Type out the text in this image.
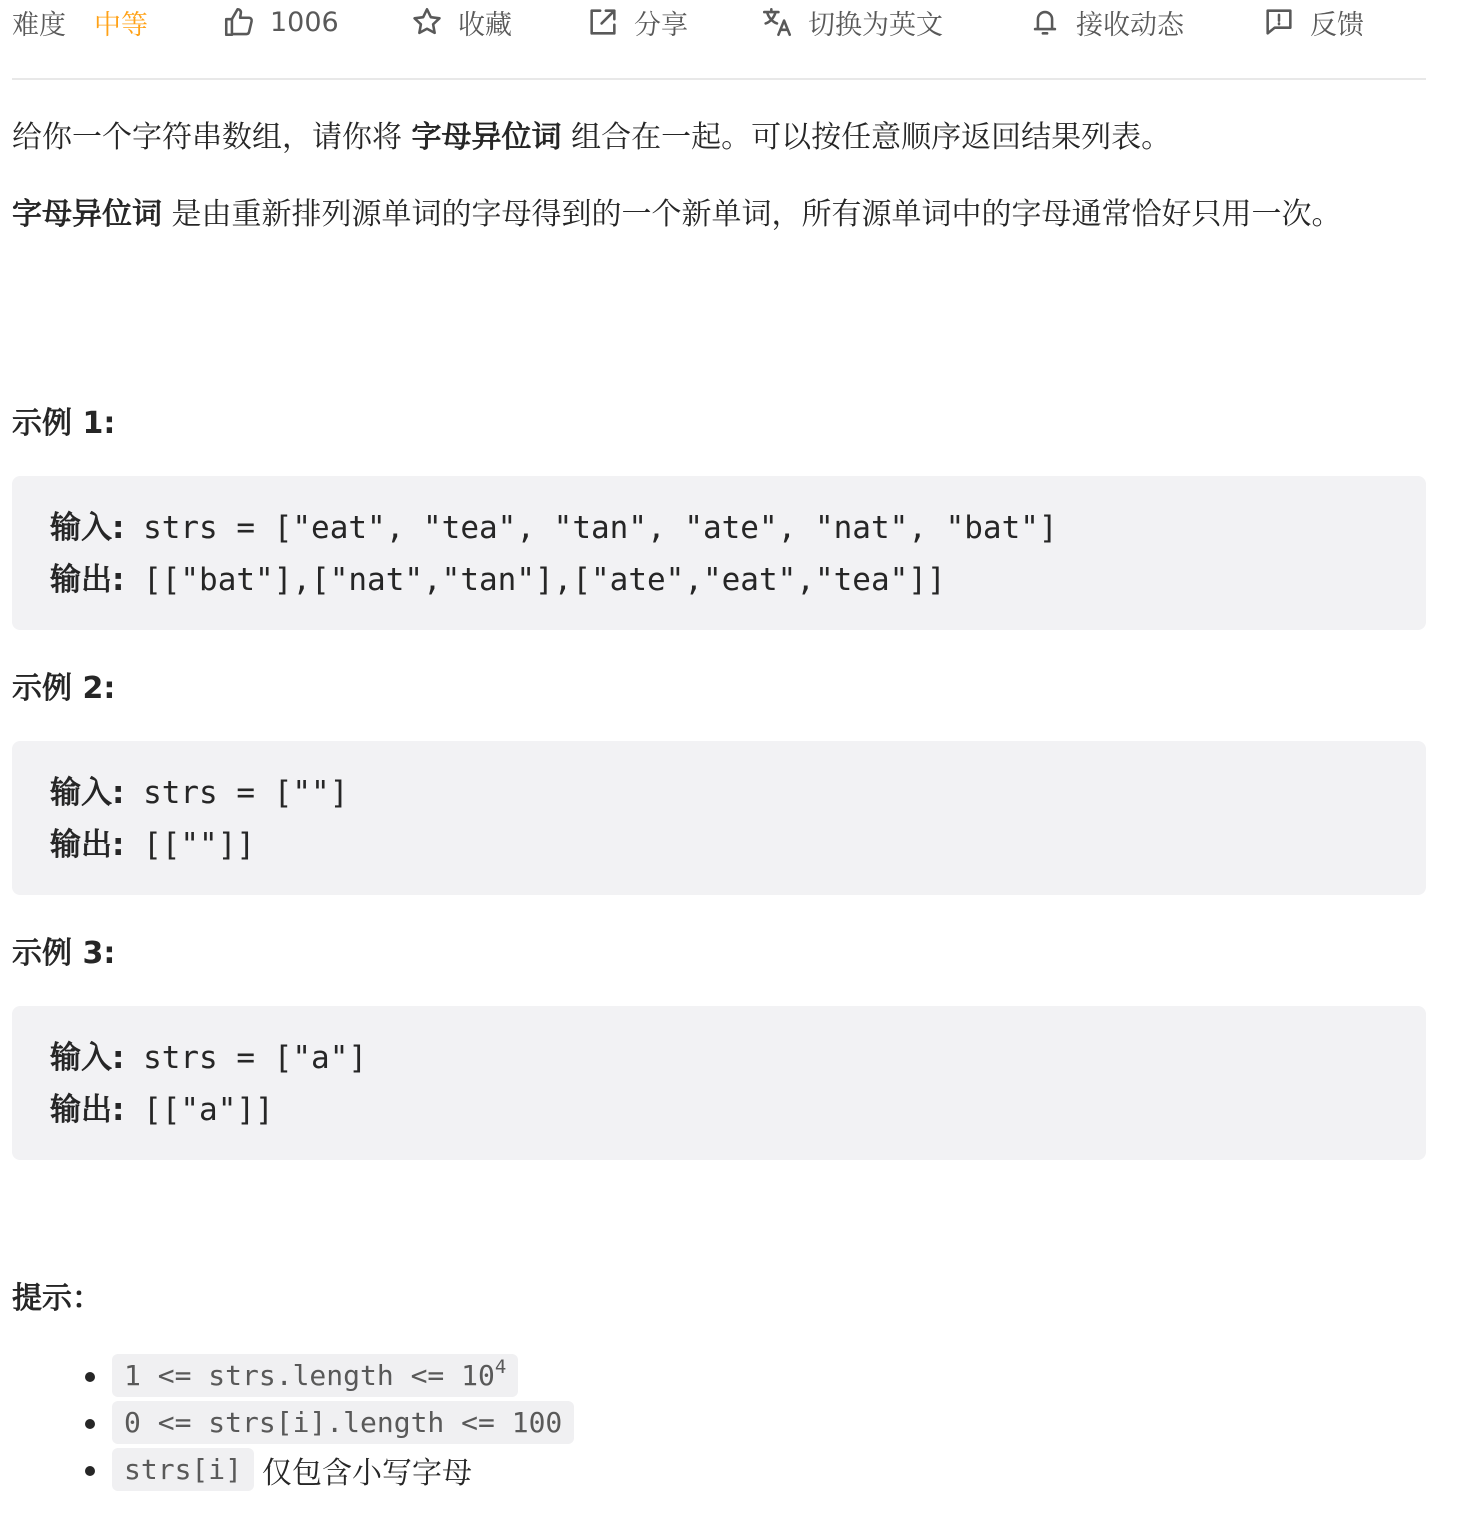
难度 中等	1006	收藏	分享	切换为英文	接收动态	反馈

给你一个字符串数组，请你将 字母异位词 组合在一起。可以按任意顺序返回结果列表。

字母异位词 是由重新排列源单词的字母得到的一个新单词，所有源单词中的字母通常恰好只用一次。

示例 1:
输入: strs = ["eat", "tea", "tan", "ate", "nat", "bat"]
输出: [["bat"],["nat","tan"],["ate","eat","tea"]]
示例 2:
输入: strs = [""]
输出: [[""]]
示例 3:
输入: strs = ["a"]
输出: [["a"]]
提示：
1 <= strs.length <= $10^4$
0 <= strs[i].length <= 100
strs[i] 仅包含小写字母
